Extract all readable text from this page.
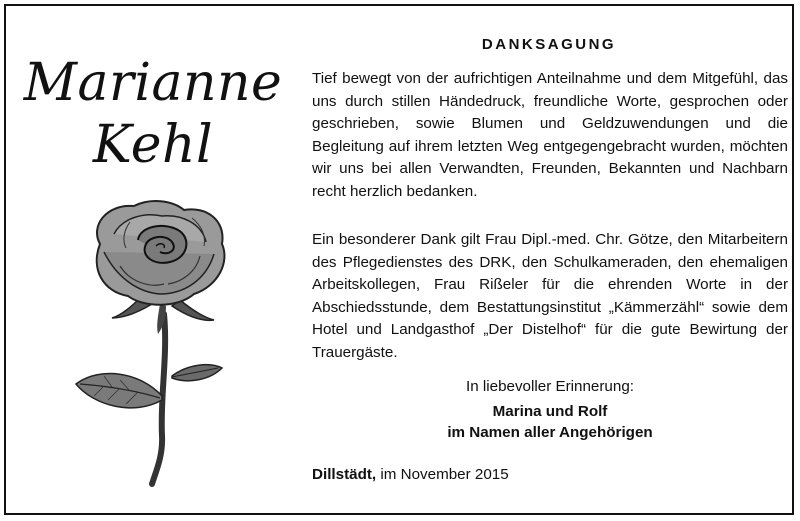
Marianne
Kehl
DANKSAGUNG
Tief bewegt von der aufrichtigen Anteilnahme und dem Mitgefühl, das uns durch stillen Händedruck, freundliche Worte, gesprochen oder geschrieben, sowie Blumen und Geldzuwendungen und die Begleitung auf ihrem letzten Weg entgegengebracht wurden, möchten wir uns bei allen Verwandten, Freunden, Bekannten und Nachbarn recht herzlich bedanken.
Ein besonderer Dank gilt Frau Dipl.-med. Chr. Götze, den Mitarbeitern des Pflegedienstes des DRK, den Schulkameraden, den ehemaligen Arbeitskollegen, Frau Rißeler für die ehrenden Worte in der Abschiedsstunde, dem Bestattungsinstitut „Kämmerzähl“ sowie dem Hotel und Landgasthof „Der Distelhof“ für die gute Bewirtung der Trauergäste.
In liebevoller Erinnerung:
Marina und Rolf
im Namen aller Angehörigen
Dillstädt, im November 2015
